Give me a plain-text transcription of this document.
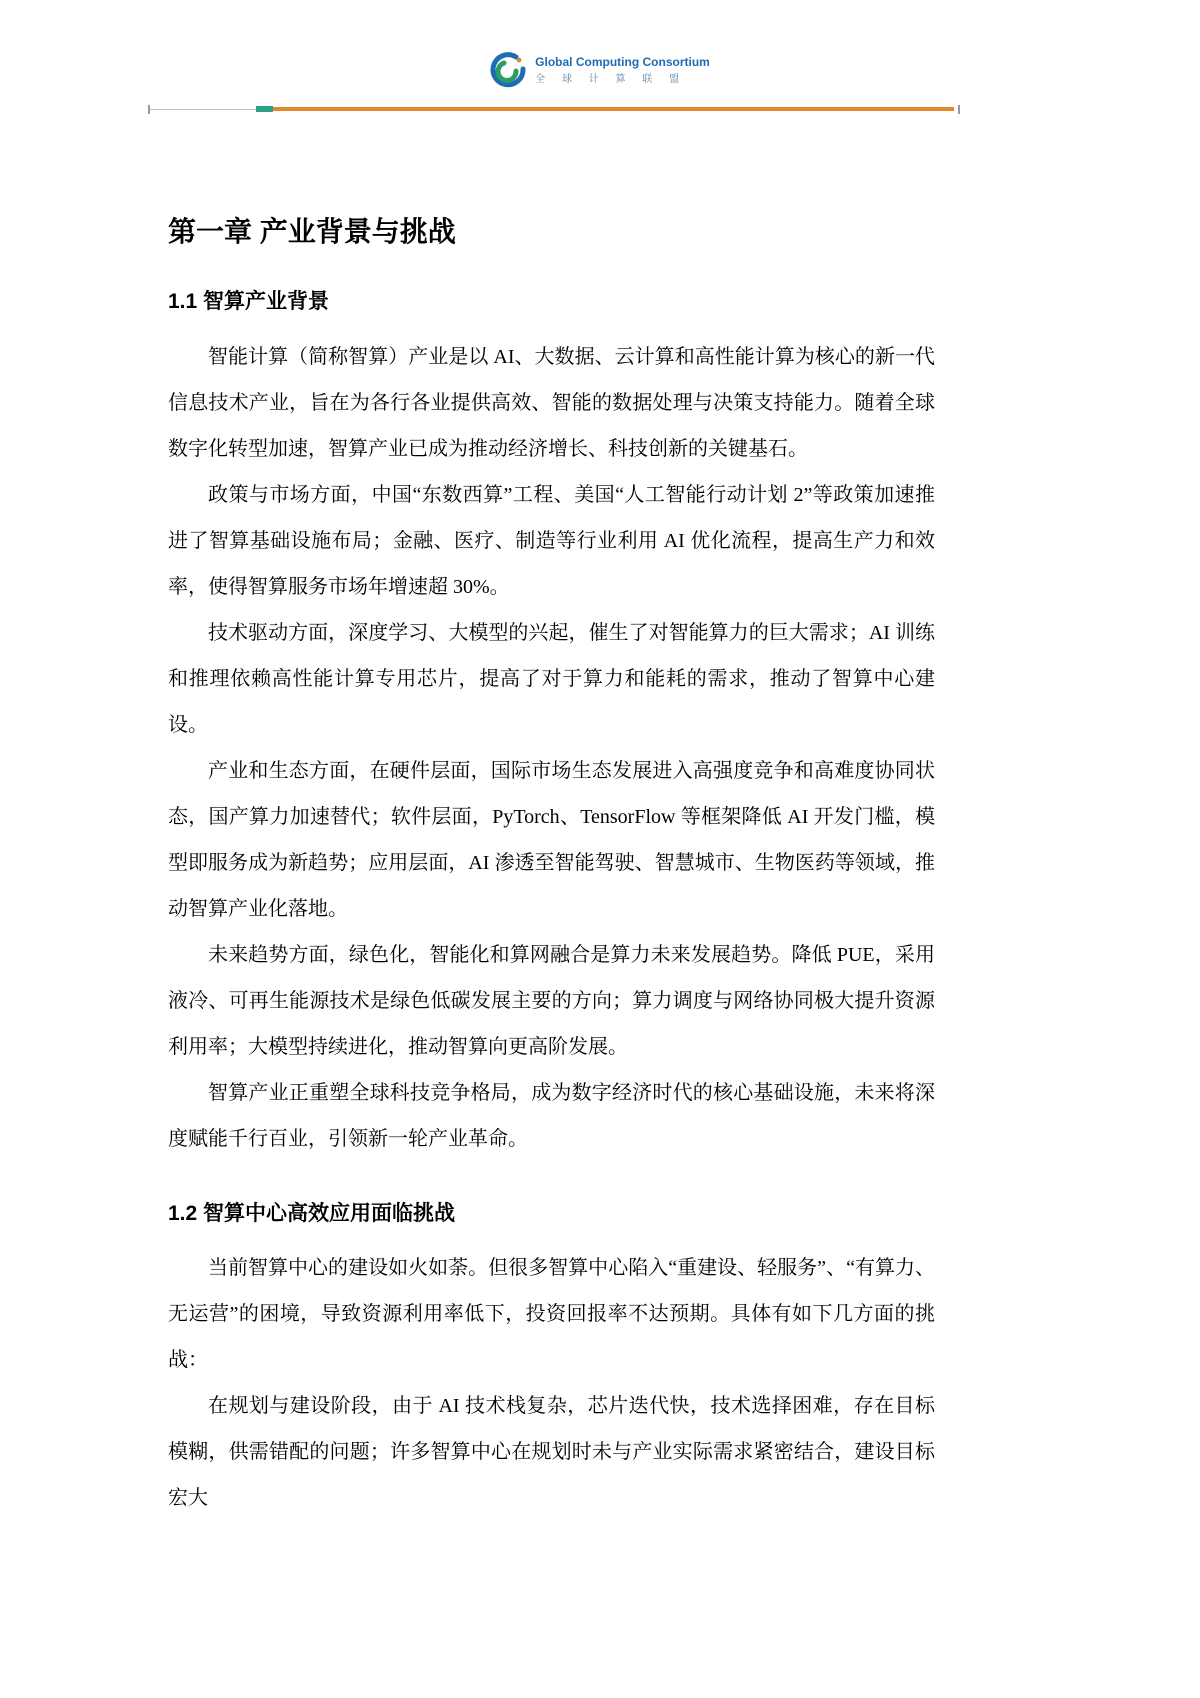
Global Computing Consortium
全 球 计 算 联 盟
第一章 产业背景与挑战
1.1 智算产业背景

智能计算（简称智算）产业是以 AI、大数据、云计算和高性能计算为核心的新一代信息技术产业，旨在为各行各业提供高效、智能的数据处理与决策支持能力。随着全球数字化转型加速，智算产业已成为推动经济增长、科技创新的关键基石。

政策与市场方面，中国“东数西算”工程、美国“人工智能行动计划 2”等政策加速推进了智算基础设施布局；金融、医疗、制造等行业利用 AI 优化流程，提高生产力和效率，使得智算服务市场年增速超 30%。

技术驱动方面，深度学习、大模型的兴起，催生了对智能算力的巨大需求；AI 训练和推理依赖高性能计算专用芯片，提高了对于算力和能耗的需求，推动了智算中心建设。

产业和生态方面，在硬件层面，国际市场生态发展进入高强度竞争和高难度协同状态，国产算力加速替代；软件层面，PyTorch、TensorFlow 等框架降低 AI 开发门槛，模型即服务成为新趋势；应用层面，AI 渗透至智能驾驶、智慧城市、生物医药等领域，推动智算产业化落地。

未来趋势方面，绿色化，智能化和算网融合是算力未来发展趋势。降低 PUE，采用液冷、可再生能源技术是绿色低碳发展主要的方向；算力调度与网络协同极大提升资源利用率；大模型持续进化，推动智算向更高阶发展。

智算产业正重塑全球科技竞争格局，成为数字经济时代的核心基础设施，未来将深度赋能千行百业，引领新一轮产业革命。

1.2 智算中心高效应用面临挑战

当前智算中心的建设如火如荼。但很多智算中心陷入“重建设、轻服务”、“有算力、无运营”的困境，导致资源利用率低下，投资回报率不达预期。具体有如下几方面的挑战：

在规划与建设阶段，由于 AI 技术栈复杂，芯片迭代快，技术选择困难，存在目标模糊，供需错配的问题；许多智算中心在规划时未与产业实际需求紧密结合，建设目标宏大
